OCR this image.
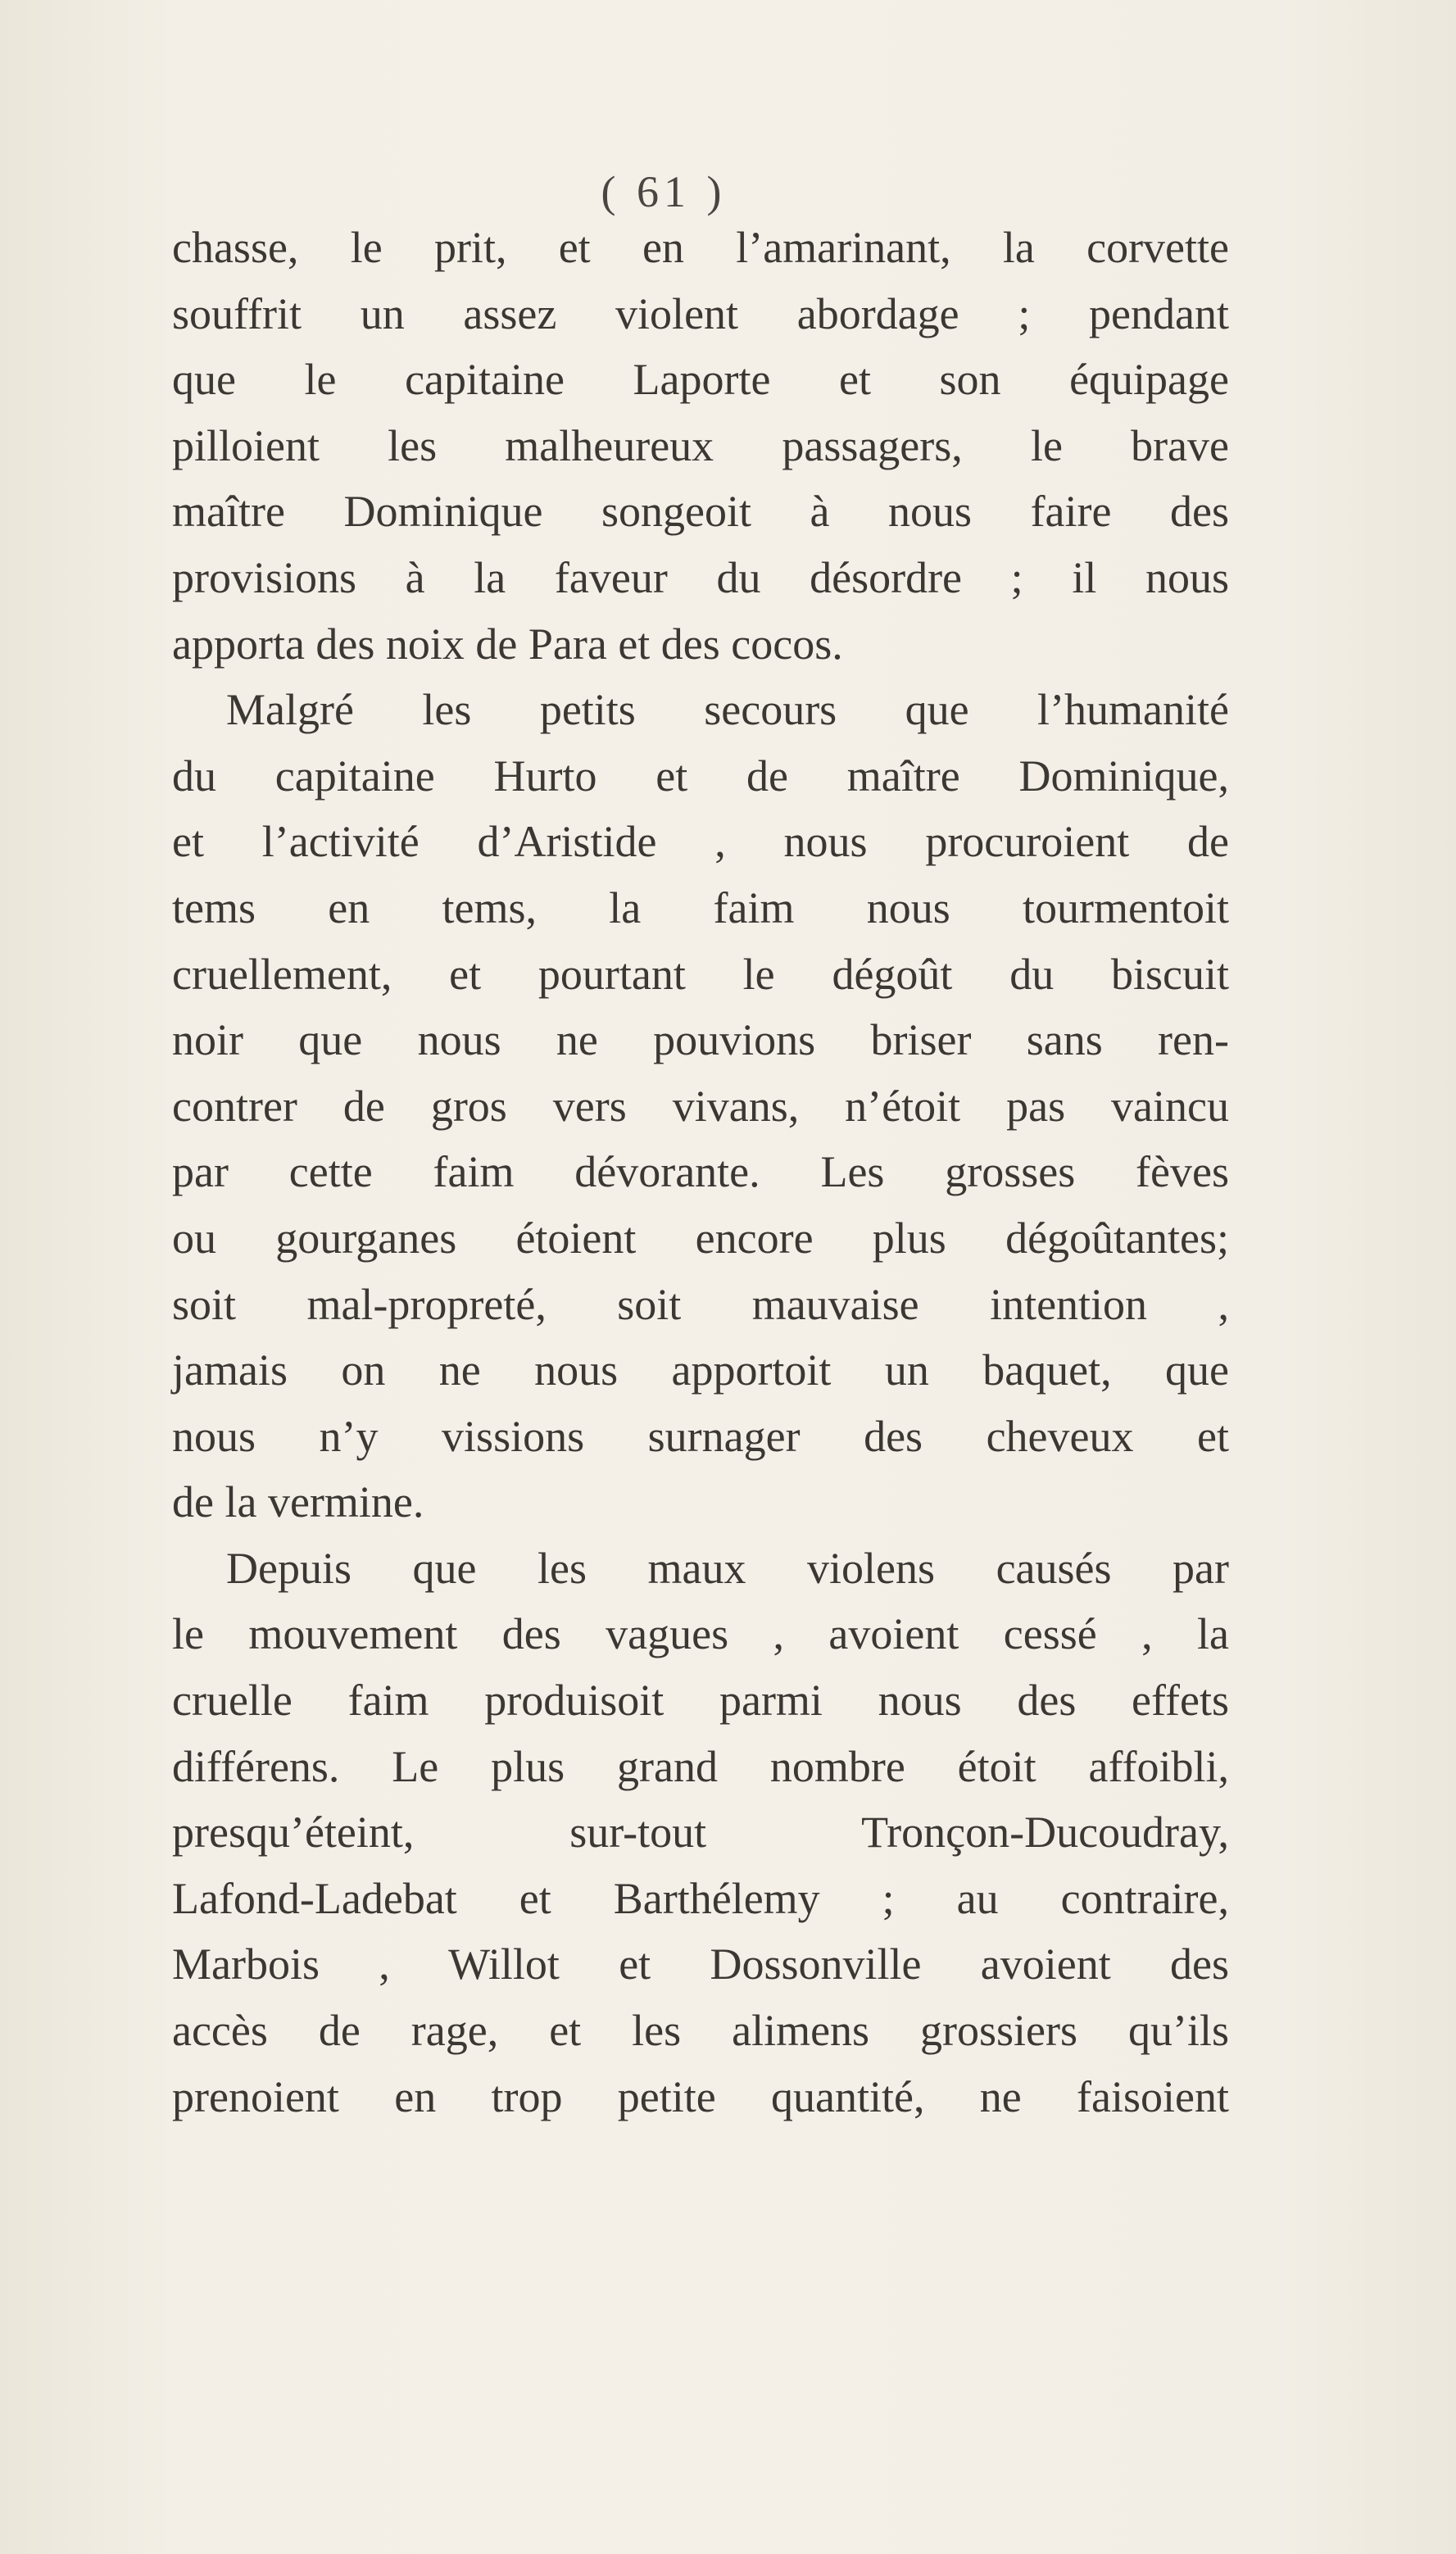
( 61 )
chasse, le prit, et en l’amarinant, la corvette
souffrit un assez violent abordage ; pendant
que le capitaine Laporte et son équipage
pilloient les malheureux passagers, le brave
maître Dominique songeoit à nous faire des
provisions à la faveur du désordre ; il nous
apporta des noix de Para et des cocos.
Malgré les petits secours que l’humanité
du capitaine Hurto et de maître Dominique,
et l’activité d’Aristide , nous procuroient de
tems en tems, la faim nous tourmentoit
cruellement, et pourtant le dégoût du biscuit
noir que nous ne pouvions briser sans ren-
contrer de gros vers vivans, n’étoit pas vaincu
par cette faim dévorante. Les grosses fèves
ou gourganes étoient encore plus dégoûtantes;
soit mal-propreté, soit mauvaise intention ,
jamais on ne nous apportoit un baquet, que
nous n’y vissions surnager des cheveux et
de la vermine.
Depuis que les maux violens causés par
le mouvement des vagues , avoient cessé , la
cruelle faim produisoit parmi nous des effets
différens. Le plus grand nombre étoit affoibli,
presqu’éteint, sur-tout Tronçon-Ducoudray,
Lafond-Ladebat et Barthélemy ; au contraire,
Marbois , Willot et Dossonville avoient des
accès de rage, et les alimens grossiers qu’ils
prenoient en trop petite quantité, ne faisoient
